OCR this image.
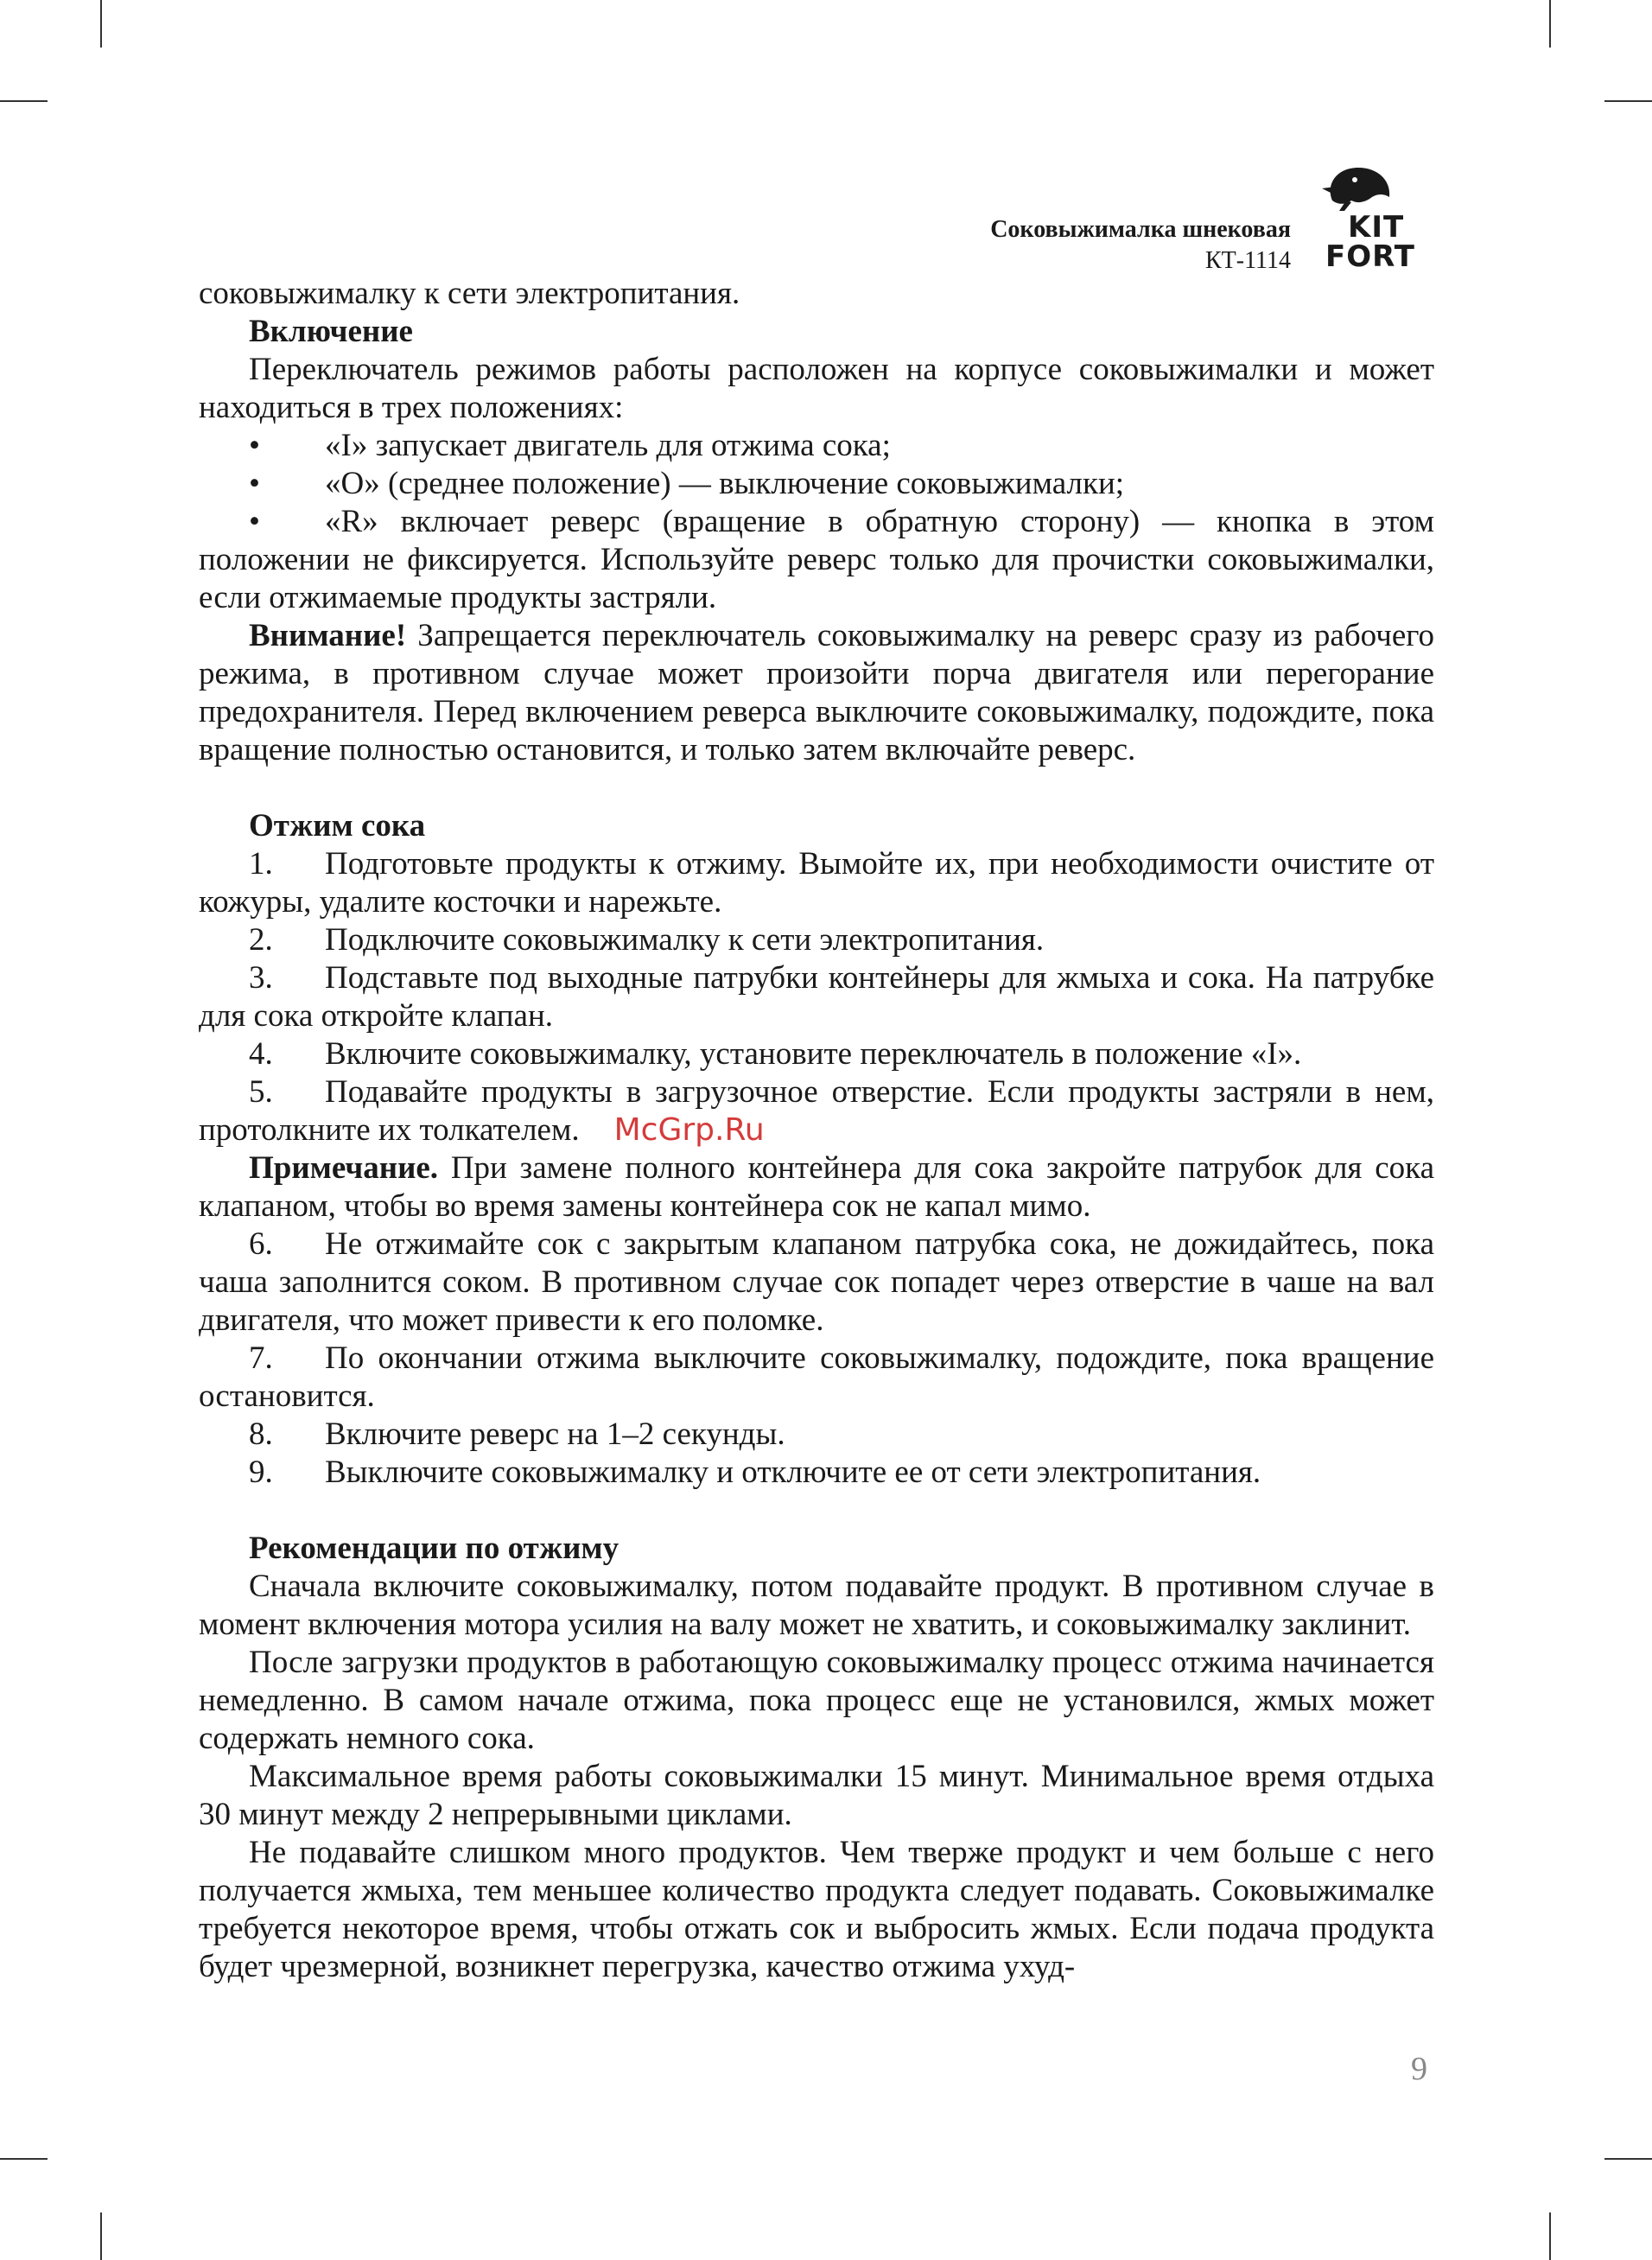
Соковыжималка шнековая
КТ-1114
KIT
FORT

соковыжималку к сети электропитания.

Включение

Переключатель режимов работы расположен на корпусе соковыжималки и может находиться в трех положениях:

• «I» запускает двигатель для отжима сока;

• «O» (среднее положение) — выключение соковыжималки;

• «R» включает реверс (вращение в обратную сторону) — кнопка в этом положении не фиксируется. Используйте реверс только для прочистки соковыжималки, если отжимаемые продукты застряли.

Внимание! Запрещается переключатель соковыжималку на реверс сразу из рабочего режима, в противном случае может произойти порча двигателя или перегорание предохранителя. Перед включением реверса выключите соковыжималку, подождите, пока вращение полностью остановится, и только затем включайте реверс.

Отжим сока

1. Подготовьте продукты к отжиму. Вымойте их, при необходимости очистите от кожуры, удалите косточки и нарежьте.

2. Подключите соковыжималку к сети электропитания.

3. Подставьте под выходные патрубки контейнеры для жмыха и сока. На патрубке для сока откройте клапан.

4. Включите соковыжималку, установите переключатель в положение «I».

5. Подавайте продукты в загрузочное отверстие. Если продукты застряли в нем, протолкните их толкателем. McGrp.Ru

Примечание. При замене полного контейнера для сока закройте патрубок для сока клапаном, чтобы во время замены контейнера сок не капал мимо.

6. Не отжимайте сок с закрытым клапаном патрубка сока, не дожидайтесь, пока чаша заполнится соком. В противном случае сок попадет через отверстие в чаше на вал двигателя, что может привести к его поломке.

7. По окончании отжима выключите соковыжималку, подождите, пока вращение остановится.

8. Включите реверс на 1–2 секунды.

9. Выключите соковыжималку и отключите ее от сети электропитания.

Рекомендации по отжиму

Сначала включите соковыжималку, потом подавайте продукт. В противном случае в момент включения мотора усилия на валу может не хватить, и соковыжималку заклинит.

После загрузки продуктов в работающую соковыжималку процесс отжима начинается немедленно. В самом начале отжима, пока процесс еще не установился, жмых может содержать немного сока.

Максимальное время работы соковыжималки 15 минут. Минимальное время отдыха 30 минут между 2 непрерывными циклами.

Не подавайте слишком много продуктов. Чем тверже продукт и чем больше с него получается жмыха, тем меньшее количество продукта следует подавать. Соковыжималке требуется некоторое время, чтобы отжать сок и выбросить жмых. Если подача продукта будет чрезмерной, возникнет перегрузка, качество отжима ухуд-

9
